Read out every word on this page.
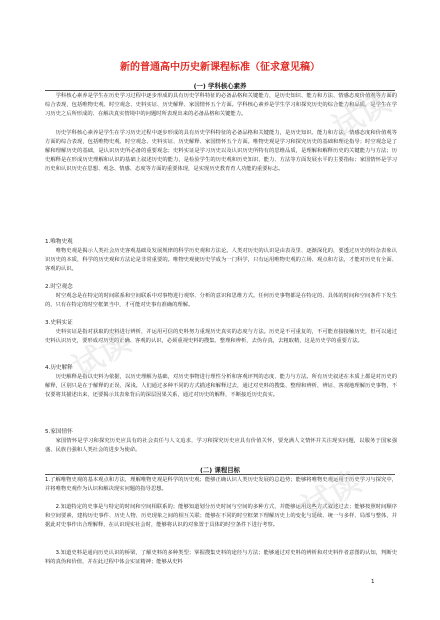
新的普通高中历史新课程标准（征求意见稿）
(一) 学科核心素养
学科核心素养是学生在历史学习过程中逐步形成的具有历史学科特征的必备品格和关键能力，是历史知识、能力和方法、情感态度价值观等方面的综合表现，包括唯物史观、时空观念、史料实证、历史解释、家国情怀五个方面。学科核心素养是学生学习和探究历史的综合能力和品质，是学生在学习历史之后所形成的、在解决真实情境中的问题时所表现出来的必备品格和关键能力。
历史学科核心素养是学生在学习历史过程中逐步形成的具有历史学科特征的必备品格和关键能力，是历史知识、能力和方法、情感态度和价值观等方面的综合表现，包括唯物史观、时空观念、史料实证、历史解释、家国情怀五个方面。唯物史观是学习和探究历史的基础和理论指导；时空观念是了解和理解历史的基础，是认识历史所必备的重要观念；史料实证是学习历史以及认识历史所特有的思维品质，是理解和解释历史的关键能力与方法；历史解释是在形成历史理解和认识的基础上叙述历史的能力，是检验学生的历史观和历史知识、能力、方法等方面发展水平的主要指标；家国情怀是学习历史和认识历史在思想、观念、情感、态度等方面的重要体现，是实现历史教育育人功能的重要标志。
1.唯物史观
唯物史观是揭示人类社会历史客观基础及发展规律的科学历史观和方法论。人类对历史的认识是由表及里、逐渐深化的，要透过历史的纷杂表象认识历史的本质，科学的历史观和方法论是非常重要的。唯物史观使历史学成为一门科学，只有运用唯物史观的立场、观点和方法，才能对历史有全面、客观的认识。
2.时空观念
时空观念是在特定的时间联系和空间联系中对事物进行观察、分析的意识和思维方式。任何历史事物都是在特定的、具体的时间和空间条件下发生的，只有在特定的时空框架当中，才可能对史事有准确的理解。
3.史料实证
史料实证是指对获取的史料进行辨析，并运用可信的史料努力重现历史真实的态度与方法。历史是不可重复的，不可能直接接触历史，但可以通过史料认识历史，要形成对历史的正确、客观的认识，必须重视史料的搜集、整理和辨析，去伪存真，去粗取精，这是历史学的重要方法。
4.历史解释
历史解释是指以史料为依据，以历史理解为基础，对历史事物进行理性分析和客观评判的态度、能力与方法。所有历史叙述在本质上都是对历史的解释，区别只是在于解释的正误、深浅。人们通过多种不同的方式描述和解释过去，通过对史料的搜集、整理和辨析，辨证、客观地理解历史事物，不仅要将其描述出来，还要揭示其表象背后的深层因果关系，通过对历史的解释，不断接近历史真实。
5.家国情怀
家国情怀是学习和探究历史应具有的社会责任与人文追求，学习和探究历史应具有价值关怀，要充满人文情怀并关注现实问题，以服务于国家强盛、民族自强和人类社会的进步为使命。
(二) 课程目标
1.了解唯物史观的基本观点和方法，理解唯物史观是科学的历史观；能够正确认识人类历史发展的总趋势；能够将唯物史观运用于历史学习与探究中，并将唯物史观作为认识和解决现实问题的指导思想。
2.知道特定的史事是与特定的时间和空间相联系的；能够知道划分历史时间与空间的多种方式，并能够运用这些方式叙述过去；能够按照时间顺序和空间要素，建构历史事件、历史人物、历史现象之间的相互关联；能够在不同的时空框架下理解历史上的变化与延续、统一与多样、局部与整体，并据此对史事作出合理解释，在认识现实社会时，能够将认识的对象置于具体的时空条件下进行考察。
3.知道史料是通向历史认识的桥梁，了解史料的多种类型；掌握搜集史料的途径与方法；能够通过对史料的辨析和对史料作者意图的认知，判断史料的真伪和价值，并在此过程中体会实证精神；能够从史料
1
试读
试读
试读
